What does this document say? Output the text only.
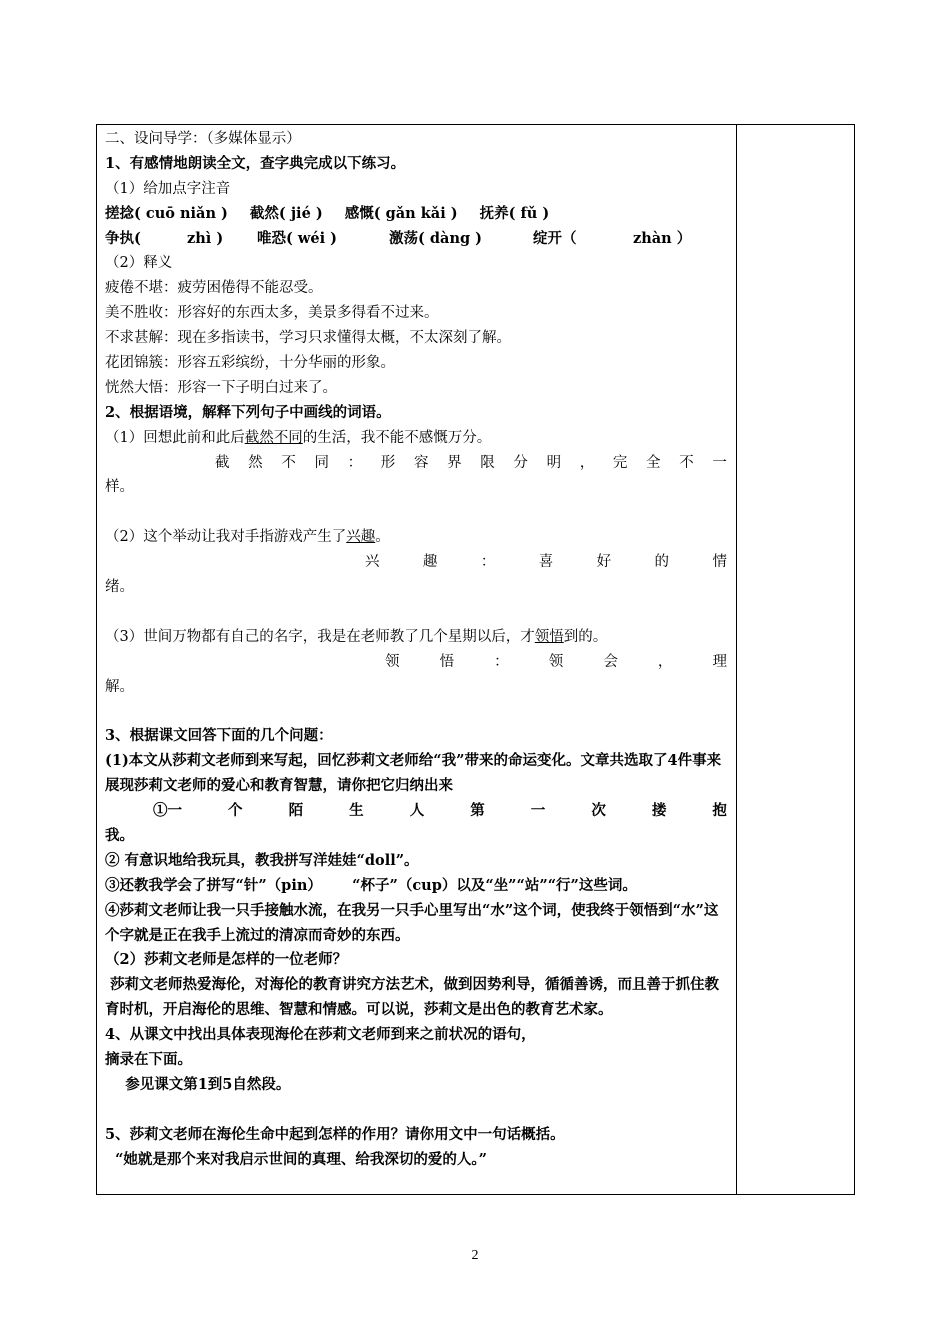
二、设问导学：（多媒体显示）
1、有感情地朗读全文，查字典完成以下练习。
（1）给加点字注音
搓捻( cuō niǎn ) 截然( jié ) 感慨( gǎn kǎi ) 抚养( fǔ )
争执(	zhì ) 唯恐( wéi )	激荡( dàng )	绽开（	zhàn ）
（2）释义
疲倦不堪：疲劳困倦得不能忍受。
美不胜收：形容好的东西太多，美景多得看不过来。
不求甚解：现在多指读书，学习只求懂得太概，不太深刻了解。
花团锦簇：形容五彩缤纷，十分华丽的形象。
恍然大悟：形容一下子明白过来了。
2、根据语境，解释下列句子中画线的词语。
（1）回想此前和此后截然不同的生活，我不能不感慨万分。
截 然 不 同 ： 形 容 界 限 分 明 ， 完 全 不 一
样。
（2）这个举动让我对手指游戏产生了兴趣。
兴	趣	：	喜	好	的	情
绪。
（3）世间万物都有自己的名字，我是在老师教了几个星期以后，才领悟到的。
领	悟	：	领	会	，	理
解。
3、根据课文回答下面的几个问题：
(1)本文从莎莉文老师到来写起，回忆莎莉文老师给“我”带来的命运变化。文章共选取了4件事来展现莎莉文老师的爱心和教育智慧，请你把它归纳出来
①一	个	陌	生	人	第	一	次	搂	抱
我。
② 有意识地给我玩具，教我拼写洋娃娃“doll”。
③还教我学会了拼写“针”（pin）      “杯子”（cup）以及“坐”“站”“行”这些词。
④莎莉文老师让我一只手接触水流，在我另一只手心里写出“水”这个词，使我终于领悟到“水”这个字就是正在我手上流过的清凉而奇妙的东西。
（2）莎莉文老师是怎样的一位老师？
莎莉文老师热爱海伦，对海伦的教育讲究方法艺术，做到因势利导，循循善诱，而且善于抓住教育时机，开启海伦的思维、智慧和情感。可以说，莎莉文是出色的教育艺术家。
4、从课文中找出具体表现海伦在莎莉文老师到来之前状况的语句，
摘录在下面。
参见课文第1到5自然段。
5、莎莉文老师在海伦生命中起到怎样的作用？请你用文中一句话概括。
“她就是那个来对我启示世间的真理、给我深切的爱的人。”
2
